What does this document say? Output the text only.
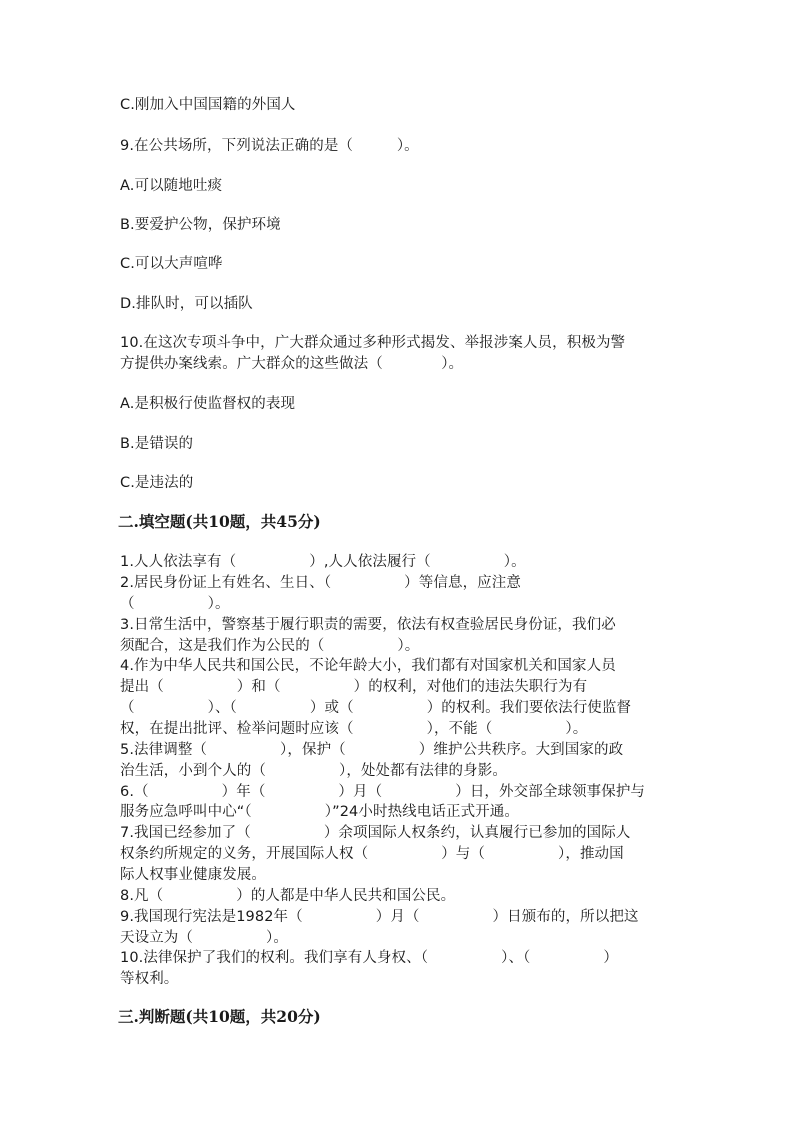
C.刚加入中国国籍的外国人

9.在公共场所，下列说法正确的是（　　　）。

A.可以随地吐痰

B.要爱护公物，保护环境

C.可以大声喧哗

D.排队时，可以插队

10.在这次专项斗争中，广大群众通过多种形式揭发、举报涉案人员，积极为警

方提供办案线索。广大群众的这些做法（　　　　）。

A.是积极行使监督权的表现

B.是错误的

C.是违法的

二.填空题(共10题，共45分)

1.人人依法享有（　　　　　）,人人依法履行（　　　　　）。

2.居民身份证上有姓名、生日、（　　　　　）等信息，应注意

（　　　　　）。

3.日常生活中，警察基于履行职责的需要，依法有权查验居民身份证，我们必

须配合，这是我们作为公民的（　　　　　）。

4.作为中华人民共和国公民，不论年龄大小，我们都有对国家机关和国家人员

提出（　　　　　）和（　　　　　）的权利，对他们的违法失职行为有

（　　　　　）、（　　　　　）或（　　　　　）的权利。我们要依法行使监督

权，在提出批评、检举问题时应该（　　　　　），不能（　　　　　）。

5.法律调整（　　　　　），保护（　　　　　）维护公共秩序。大到国家的政

治生活，小到个人的（　　　　　），处处都有法律的身影。

6.（　　　　　）年（　　　　　）月（　　　　　）日，外交部全球领事保护与

服务应急呼叫中心“（　　　　　）”24小时热线电话正式开通。

7.我国已经参加了（　　　　　）余项国际人权条约，认真履行已参加的国际人

权条约所规定的义务，开展国际人权（　　　　　）与（　　　　　），推动国

际人权事业健康发展。

8.凡（　　　　　）的人都是中华人民共和国公民。

9.我国现行宪法是1982年（　　　　　）月（　　　　　）日颁布的，所以把这

天设立为（　　　　　）。

10.法律保护了我们的权利。我们享有人身权、（　　　　　）、（　　　　　）

等权利。

三.判断题(共10题，共20分)
